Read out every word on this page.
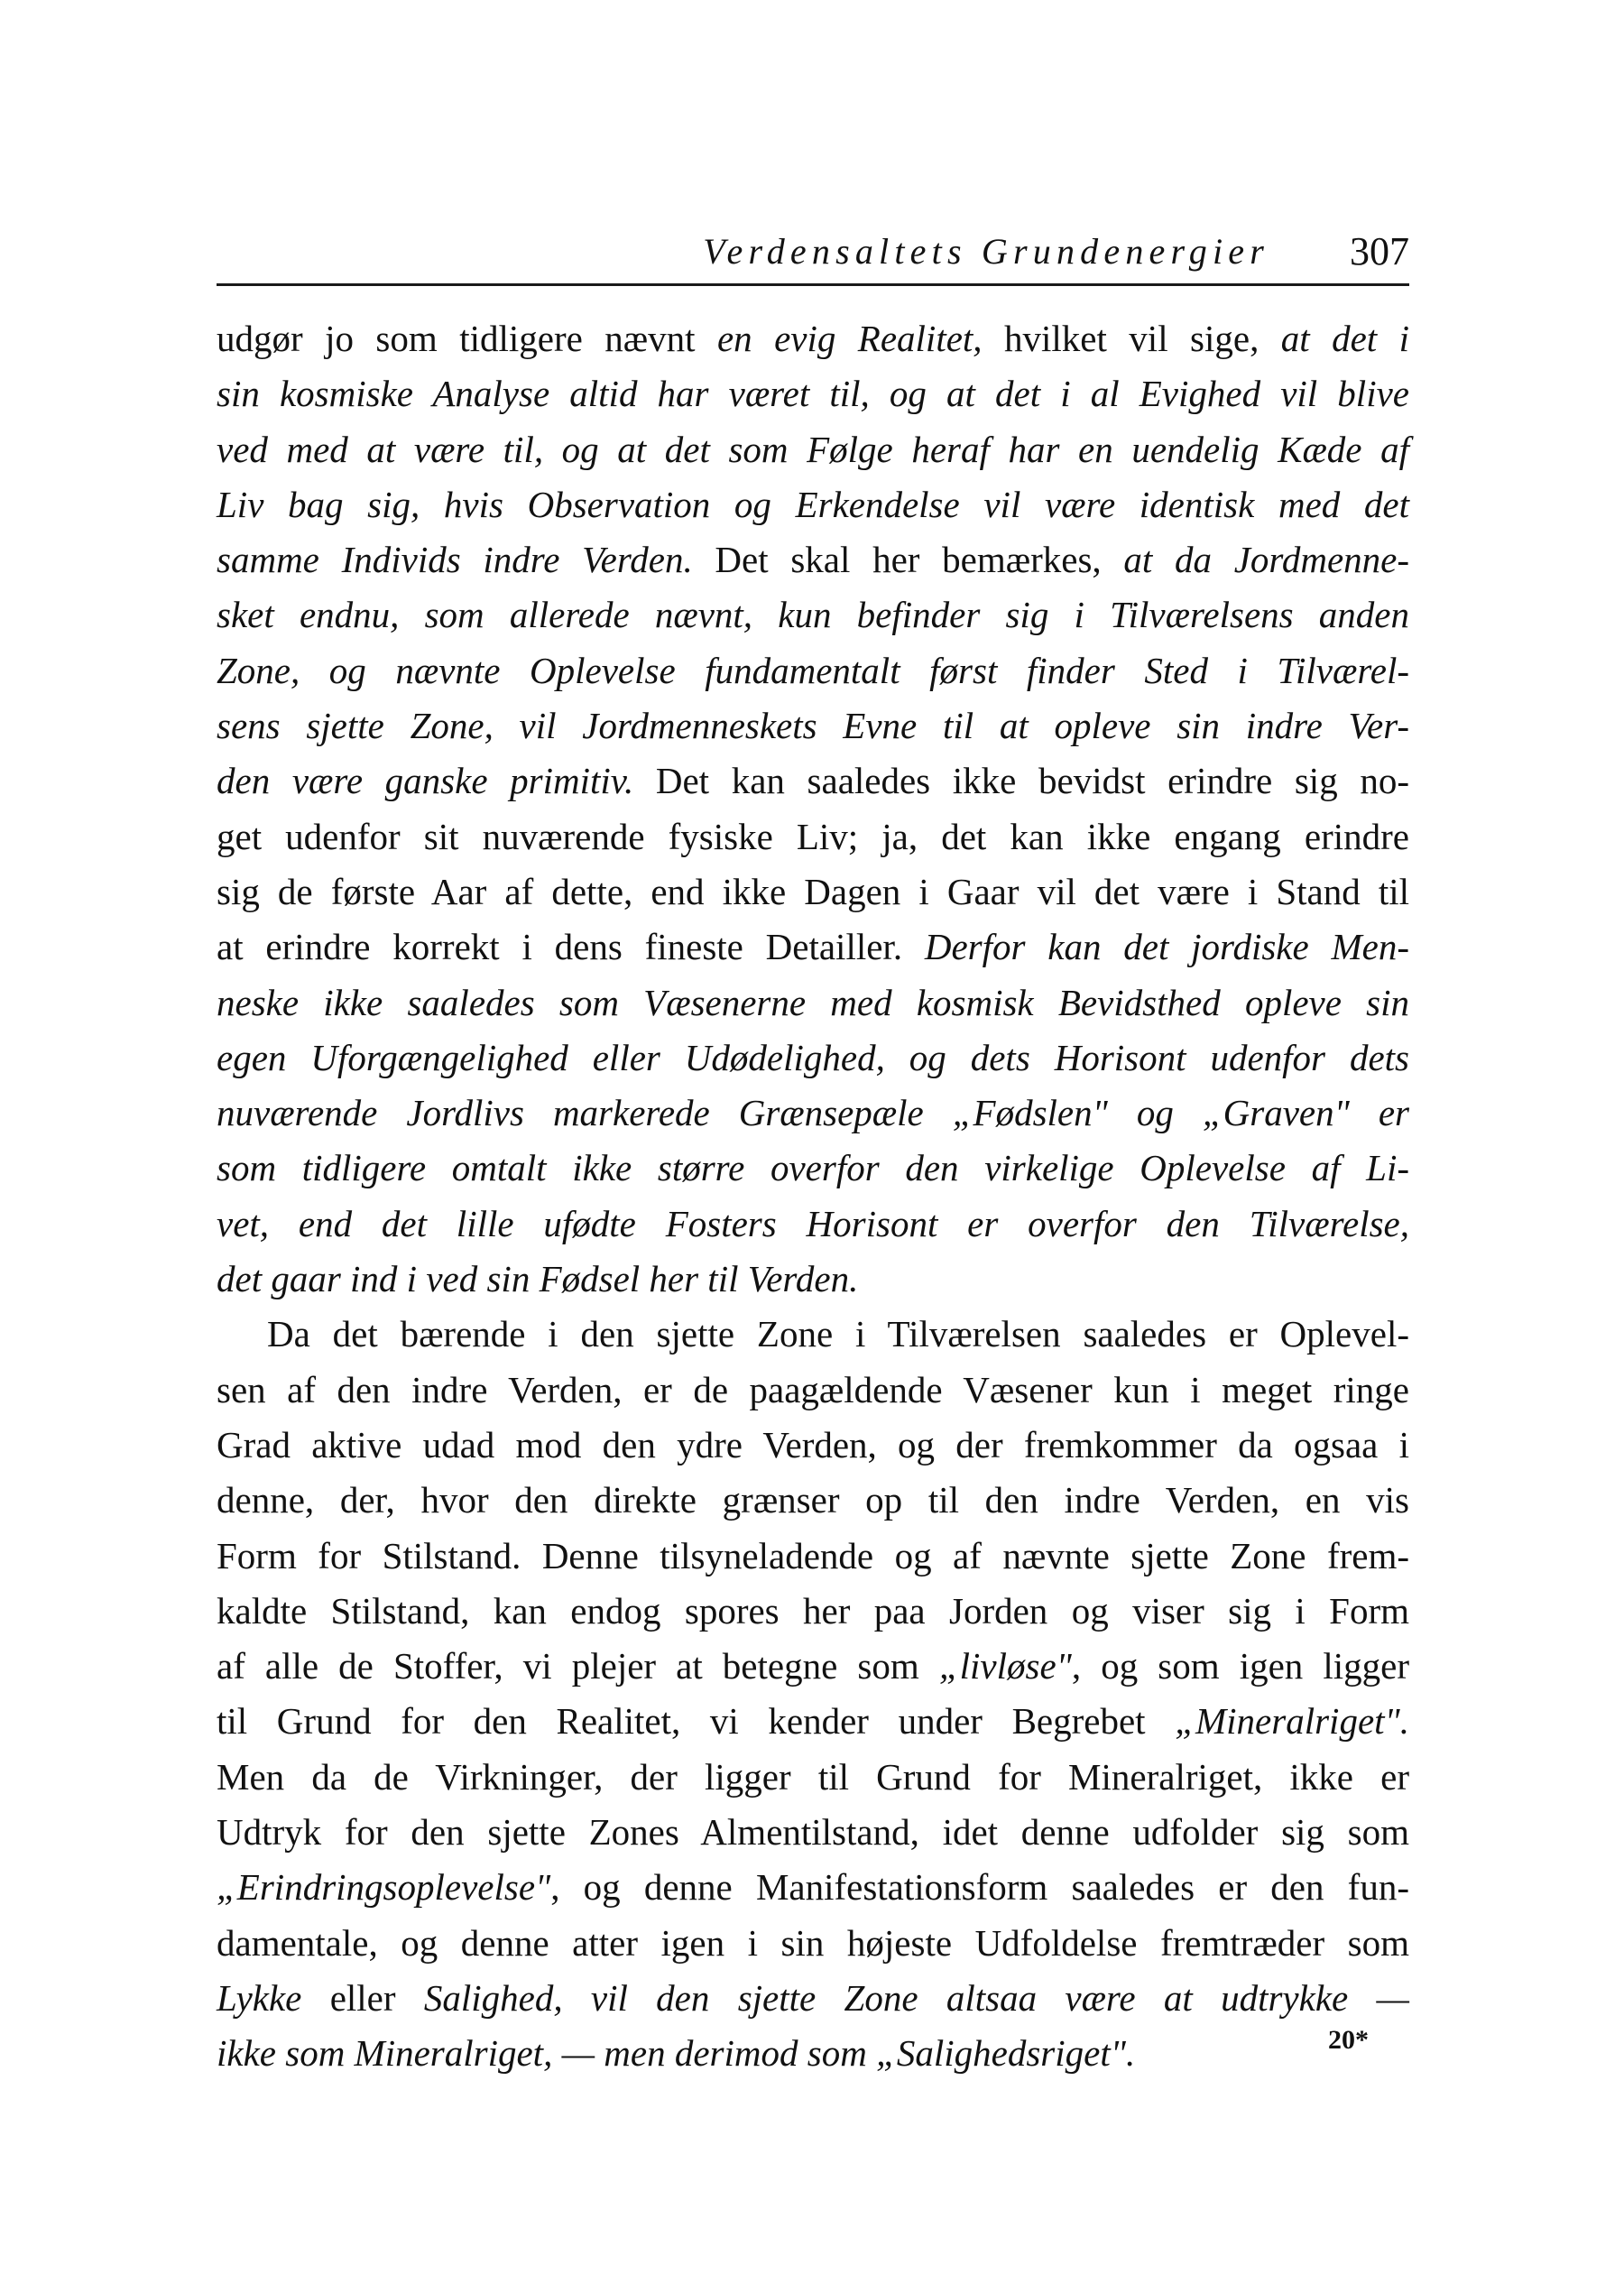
Verdensaltets Grundenergier 307
udgør jo som tidligere nævnt en evig Realitet, hvilket vil sige, at det i
sin kosmiske Analyse altid har været til, og at det i al Evighed vil blive
ved med at være til, og at det som Følge heraf har en uendelig Kæde af
Liv bag sig, hvis Observation og Erkendelse vil være identisk med det
samme Individs indre Verden. Det skal her bemærkes, at da Jordmenne-
sket endnu, som allerede nævnt, kun befinder sig i Tilværelsens anden
Zone, og nævnte Oplevelse fundamentalt først finder Sted i Tilværel-
sens sjette Zone, vil Jordmenneskets Evne til at opleve sin indre Ver-
den være ganske primitiv. Det kan saaledes ikke bevidst erindre sig no-
get udenfor sit nuværende fysiske Liv; ja, det kan ikke engang erindre
sig de første Aar af dette, end ikke Dagen i Gaar vil det være i Stand til
at erindre korrekt i dens fineste Detailler. Derfor kan det jordiske Men-
neske ikke saaledes som Væsenerne med kosmisk Bevidsthed opleve sin
egen Uforgængelighed eller Udødelighed, og dets Horisont udenfor dets
nuværende Jordlivs markerede Grænsepæle „Fødslen" og „Graven" er
som tidligere omtalt ikke større overfor den virkelige Oplevelse af Li-
vet, end det lille ufødte Fosters Horisont er overfor den Tilværelse,
det gaar ind i ved sin Fødsel her til Verden.
Da det bærende i den sjette Zone i Tilværelsen saaledes er Oplevel-
sen af den indre Verden, er de paagældende Væsener kun i meget ringe
Grad aktive udad mod den ydre Verden, og der fremkommer da ogsaa i
denne, der, hvor den direkte grænser op til den indre Verden, en vis
Form for Stilstand. Denne tilsyneladende og af nævnte sjette Zone frem-
kaldte Stilstand, kan endog spores her paa Jorden og viser sig i Form
af alle de Stoffer, vi plejer at betegne som „livløse", og som igen ligger
til Grund for den Realitet, vi kender under Begrebet „Mineralriget".
Men da de Virkninger, der ligger til Grund for Mineralriget, ikke er
Udtryk for den sjette Zones Almentilstand, idet denne udfolder sig som
„Erindringsoplevelse", og denne Manifestationsform saaledes er den fun-
damentale, og denne atter igen i sin højeste Udfoldelse fremtræder som
Lykke eller Salighed, vil den sjette Zone altsaa være at udtrykke —
ikke som Mineralriget, — men derimod som „Salighedsriget".	20*
